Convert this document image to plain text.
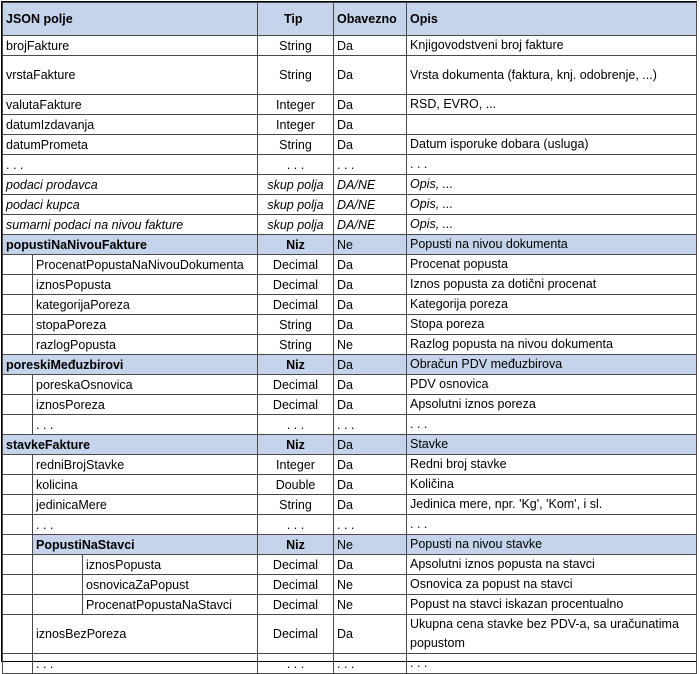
JSON polje	Tip	Obavezno	Opis
brojFakture	String	Da	Knjigovodstveni broj fakture
vrstaFakture	String	Da	Vrsta dokumenta (faktura, knj. odobrenje, ...)
valutaFakture	Integer	Da	RSD, EVRO, ...
datumIzdavanja	Integer	Da	
datumPrometa	String	Da	Datum isporuke dobara (usluga)
. . .	. . .	. . .	. . .
podaci prodavca	skup polja	DA/NE	Opis, ...
podaci kupca	skup polja	DA/NE	Opis, ...
sumarni podaci na nivou fakture	skup polja	DA/NE	Opis, ...
popustiNaNivouFakture	Niz	Ne	Popusti na nivou dokumenta

ProcenatPopustaNaNivouDokumenta	Decimal	Da	Procenat popusta

iznosPopusta	Decimal	Da	Iznos popusta za dotični procenat

kategorijaPoreza	Decimal	Da	Kategorija poreza

stopaPoreza	String	Da	Stopa poreza

razlogPopusta	String	Ne	Razlog popusta na nivou dokumenta
poreskiMeđuzbirovi	Niz	Da	Obračun PDV međuzbirova

poreskaOsnovica	Decimal	Da	PDV osnovica

iznosPoreza	Decimal	Da	Apsolutni iznos poreza

. . .	. . .	. . .	. . .
stavkeFakture	Niz	Da	Stavke

redniBrojStavke	Integer	Da	Redni broj stavke

kolicina	Double	Da	Količina

jedinicaMere	String	Da	Jedinica mere, npr. 'Kg', 'Kom', i sl.

. . .	. . .	. . .	. . .

PopustiNaStavci	Niz	Ne	Popusti na nivou stavke

iznosPopusta	Decimal	Da	Apsolutni iznos popusta na stavci

osnovicaZaPopust	Decimal	Ne	Osnovica za popust na stavci

ProcenatPopustaNaStavci	Decimal	Ne	Popust na stavci iskazan procentualno

iznosBezPoreza	Decimal	Da	Ukupna cena stavke bez PDV-a, sa uračunatima popustom

. . .	. . .	. . .	. . .
